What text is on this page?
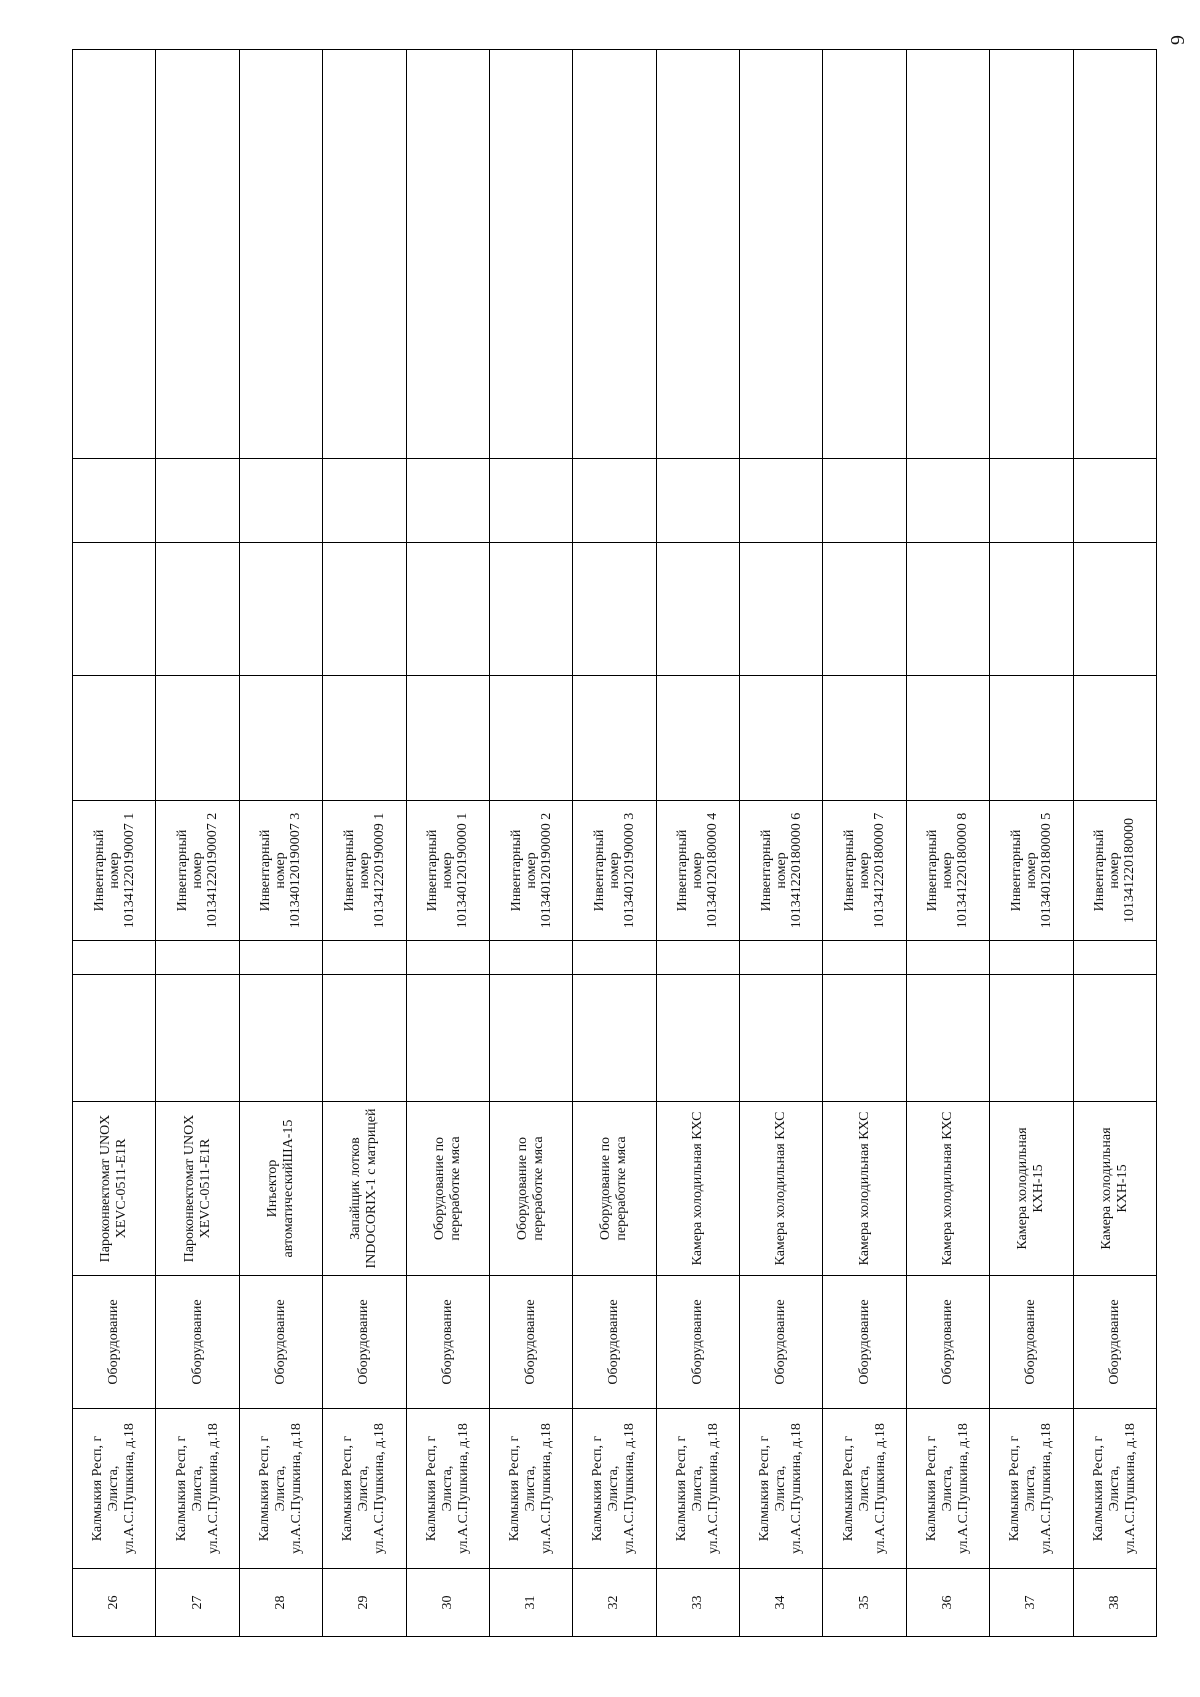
6
26	Калмыкия Респ, г Элиста, ул.А.С.Пушкина, д.18	Оборудование	Пароконвектомат UNOX XEVC-0511-E1R			Инвентарный номер 101341220190007 1				

27	Калмыкия Респ, г Элиста, ул.А.С.Пушкина, д.18	Оборудование	Пароконвектомат UNOX XEVC-0511-E1R			Инвентарный номер 101341220190007 2				

28	Калмыкия Респ, г Элиста, ул.А.С.Пушкина, д.18	Оборудование	Инъектор автоматическийША-15			Инвентарный номер 101340120190007 3				

29	Калмыкия Респ, г Элиста, ул.А.С.Пушкина, д.18	Оборудование	Запайщик лотков INDOCORIX-1 с матрицей			Инвентарный номер 101341220190009 1				

30	Калмыкия Респ, г Элиста, ул.А.С.Пушкина, д.18	Оборудование	Оборудование по переработке мяса			Инвентарный номер 101340120190000 1				

31	Калмыкия Респ, г Элиста, ул.А.С.Пушкина, д.18	Оборудование	Оборудование по переработке мяса			Инвентарный номер 101340120190000 2				

32	Калмыкия Респ, г Элиста, ул.А.С.Пушкина, д.18	Оборудование	Оборудование по переработке мяса			Инвентарный номер 101340120190000 3				

33	Калмыкия Респ, г Элиста, ул.А.С.Пушкина, д.18	Оборудование	Камера холодильная КХС			Инвентарный номер 101340120180000 4				

34	Калмыкия Респ, г Элиста, ул.А.С.Пушкина, д.18	Оборудование	Камера холодильная КХС			Инвентарный номер 101341220180000 6				

35	Калмыкия Респ, г Элиста, ул.А.С.Пушкина, д.18	Оборудование	Камера холодильная КХС			Инвентарный номер 101341220180000 7				

36	Калмыкия Респ, г Элиста, ул.А.С.Пушкина, д.18	Оборудование	Камера холодильная КХС			Инвентарный номер 101341220180000 8				

37	Калмыкия Респ, г Элиста, ул.А.С.Пушкина, д.18	Оборудование	Камера холодильная КХН-15			Инвентарный номер 101340120180000 5				

38	Калмыкия Респ, г Элиста, ул.А.С.Пушкина, д.18	Оборудование	Камера холодильная КХН-15			Инвентарный номер 101341220180000				
